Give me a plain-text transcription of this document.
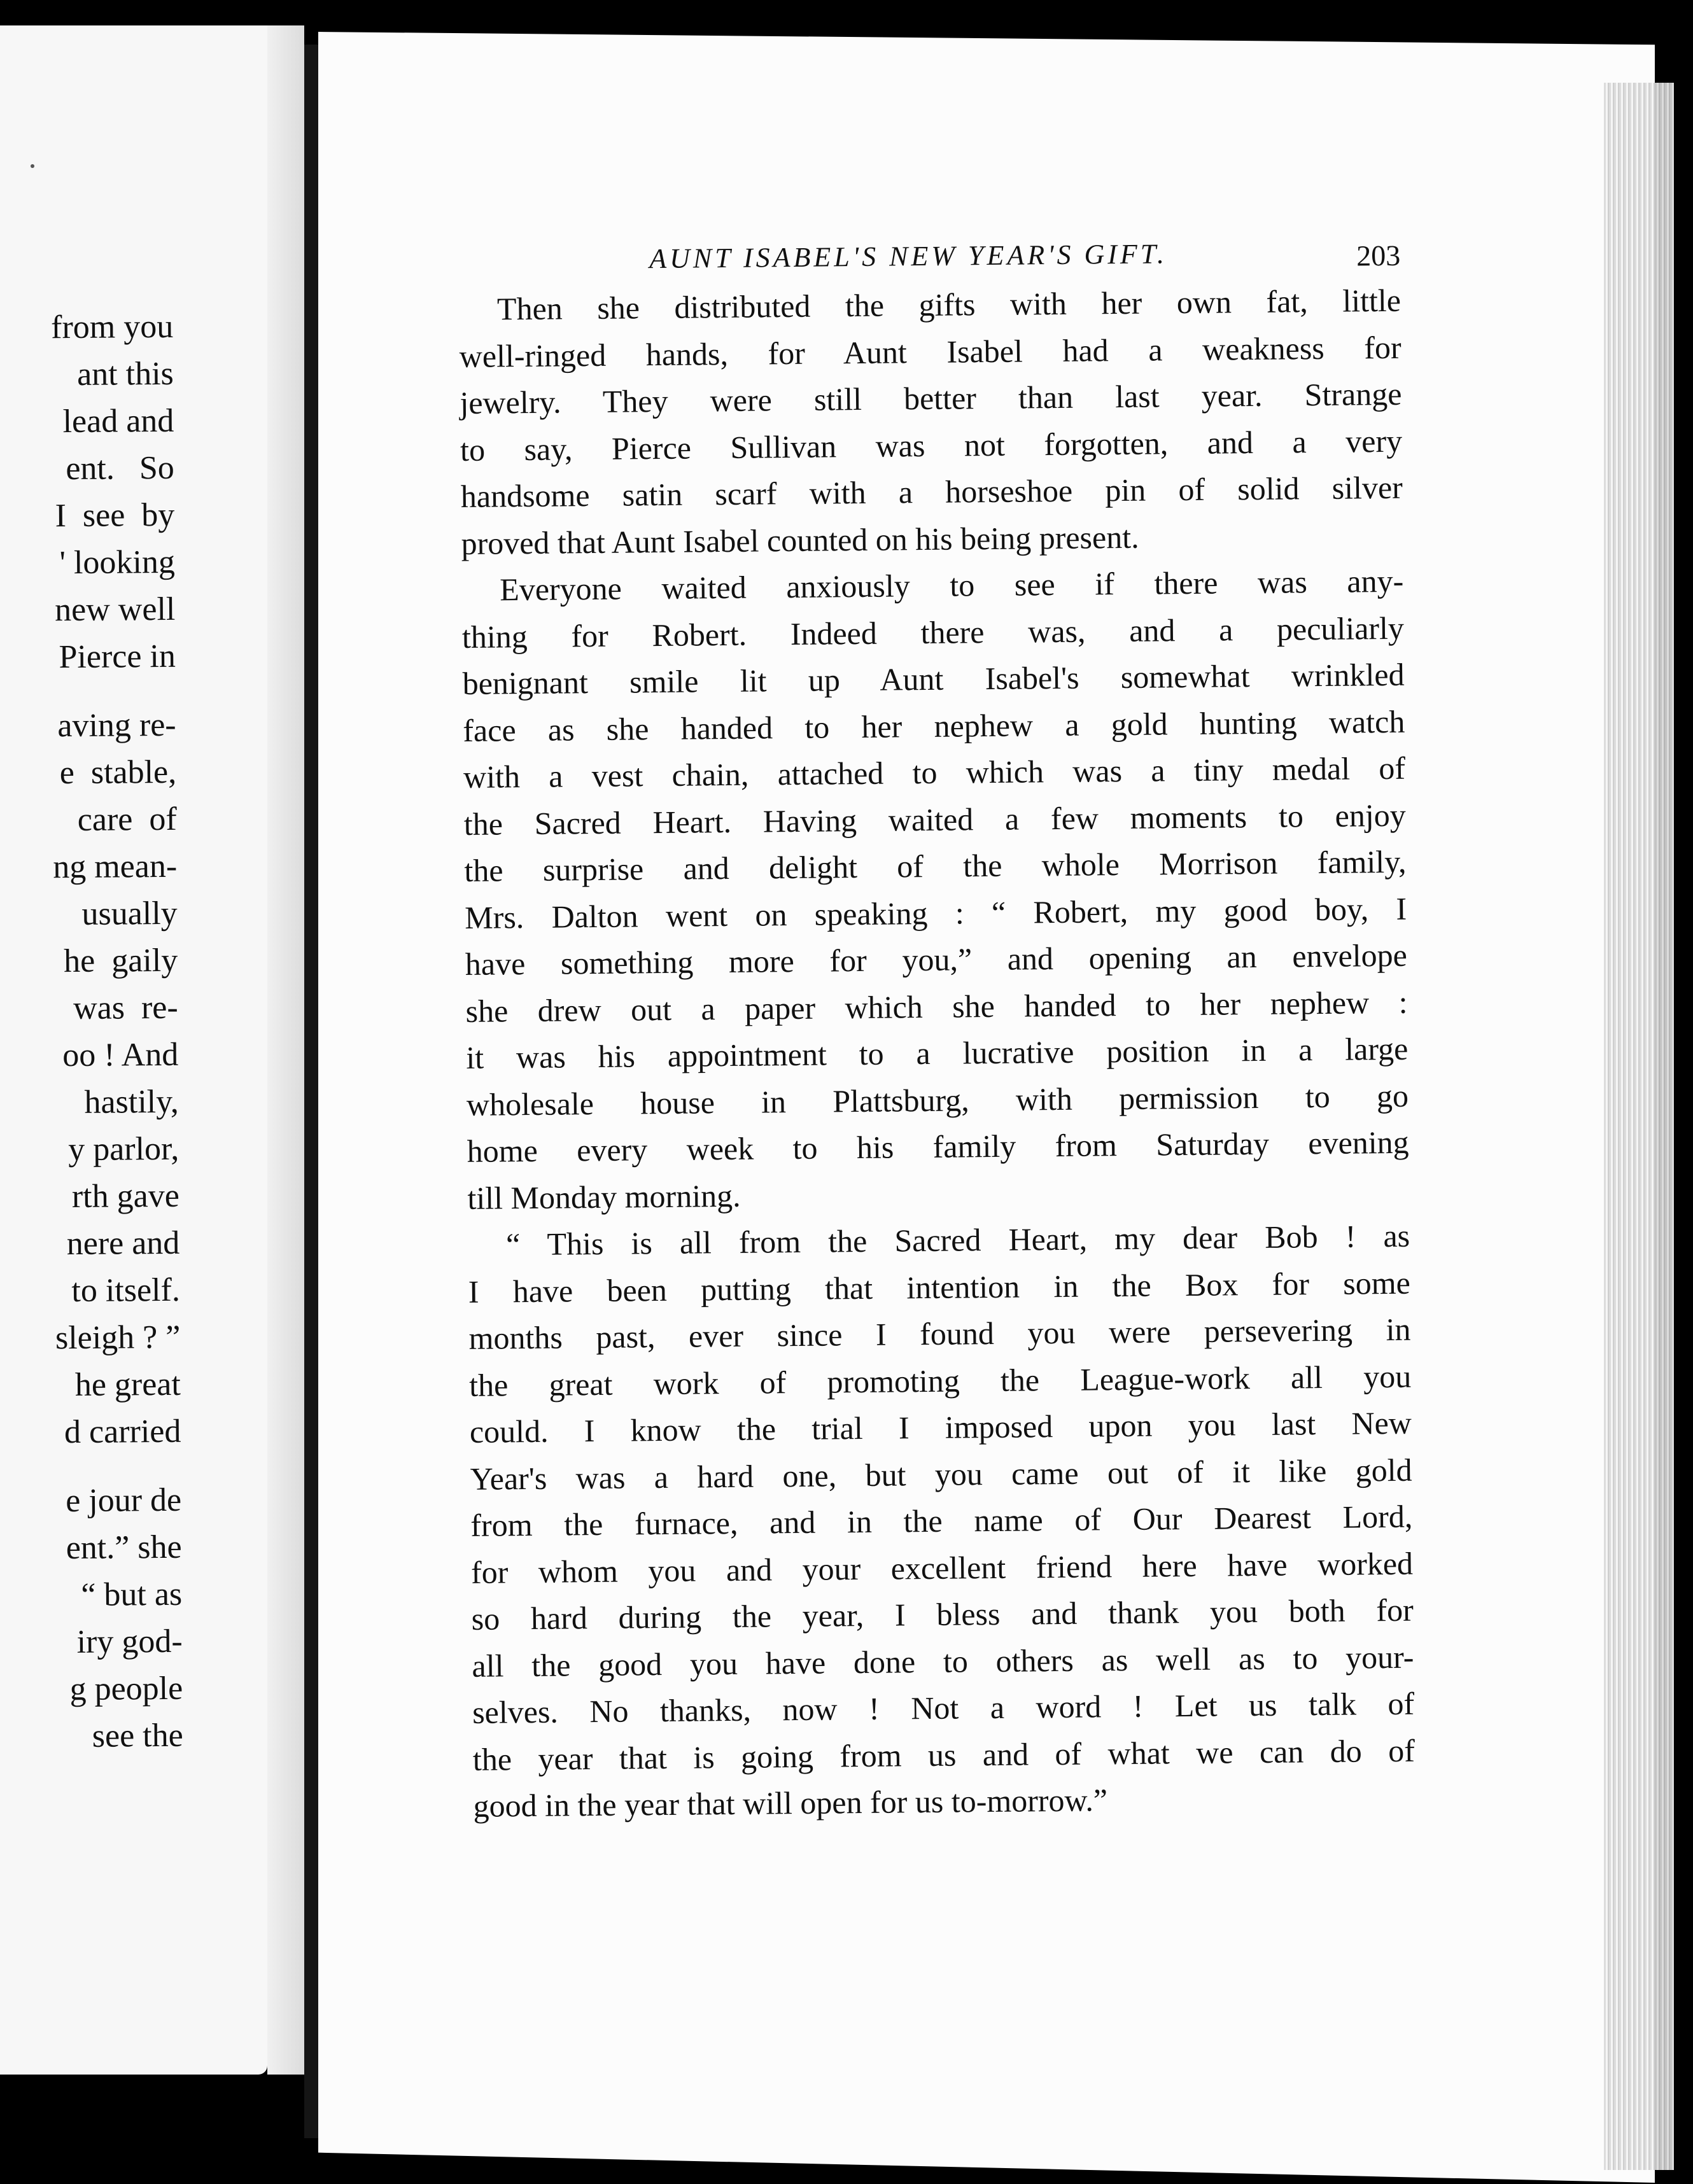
from you
ant this
lead and
ent.   So
I  see  by
' looking
new well
Pierce in
aving re-
e  stable,
care  of
ng mean-
usually
he  gaily
was  re-
oo ! And
hastily,
y parlor,
rth gave
nere and
to itself.
sleigh ? ”
he great
d carried
e jour de
ent.” she
“ but as
iry god-
g people
see the
AUNT ISABEL'S NEW YEAR'S GIFT.	203
Then she distributed the gifts with her own fat, little
well-ringed hands, for Aunt Isabel had a weakness for
jewelry. They were still better than last year. Strange
to say, Pierce Sullivan was not forgotten, and a very
handsome satin scarf with a horseshoe pin of solid silver
proved that Aunt Isabel counted on his being present.
Everyone waited anxiously to see if there was any-
thing for Robert. Indeed there was, and a peculiarly
benignant smile lit up Aunt Isabel's somewhat wrinkled
face as she handed to her nephew a gold hunting watch
with a vest chain, attached to which was a tiny medal of
the Sacred Heart. Having waited a few moments to enjoy
the surprise and delight of the whole Morrison family,
Mrs. Dalton went on speaking : “ Robert, my good boy, I
have something more for you,” and opening an envelope
she drew out a paper which she handed to her nephew :
it was his appointment to a lucrative position in a large
wholesale house in Plattsburg, with permission to go
home every week to his family from Saturday evening
till Monday morning.
“ This is all from the Sacred Heart, my dear Bob ! as
I have been putting that intention in the Box for some
months past, ever since I found you were persevering in
the great work of promoting the League-work all you
could. I know the trial I imposed upon you last New
Year's was a hard one, but you came out of it like gold
from the furnace, and in the name of Our Dearest Lord,
for whom you and your excellent friend here have worked
so hard during the year, I bless and thank you both for
all the good you have done to others as well as to your-
selves. No thanks, now ! Not a word ! Let us talk of
the year that is going from us and of what we can do of
good in the year that will open for us to-morrow.”
